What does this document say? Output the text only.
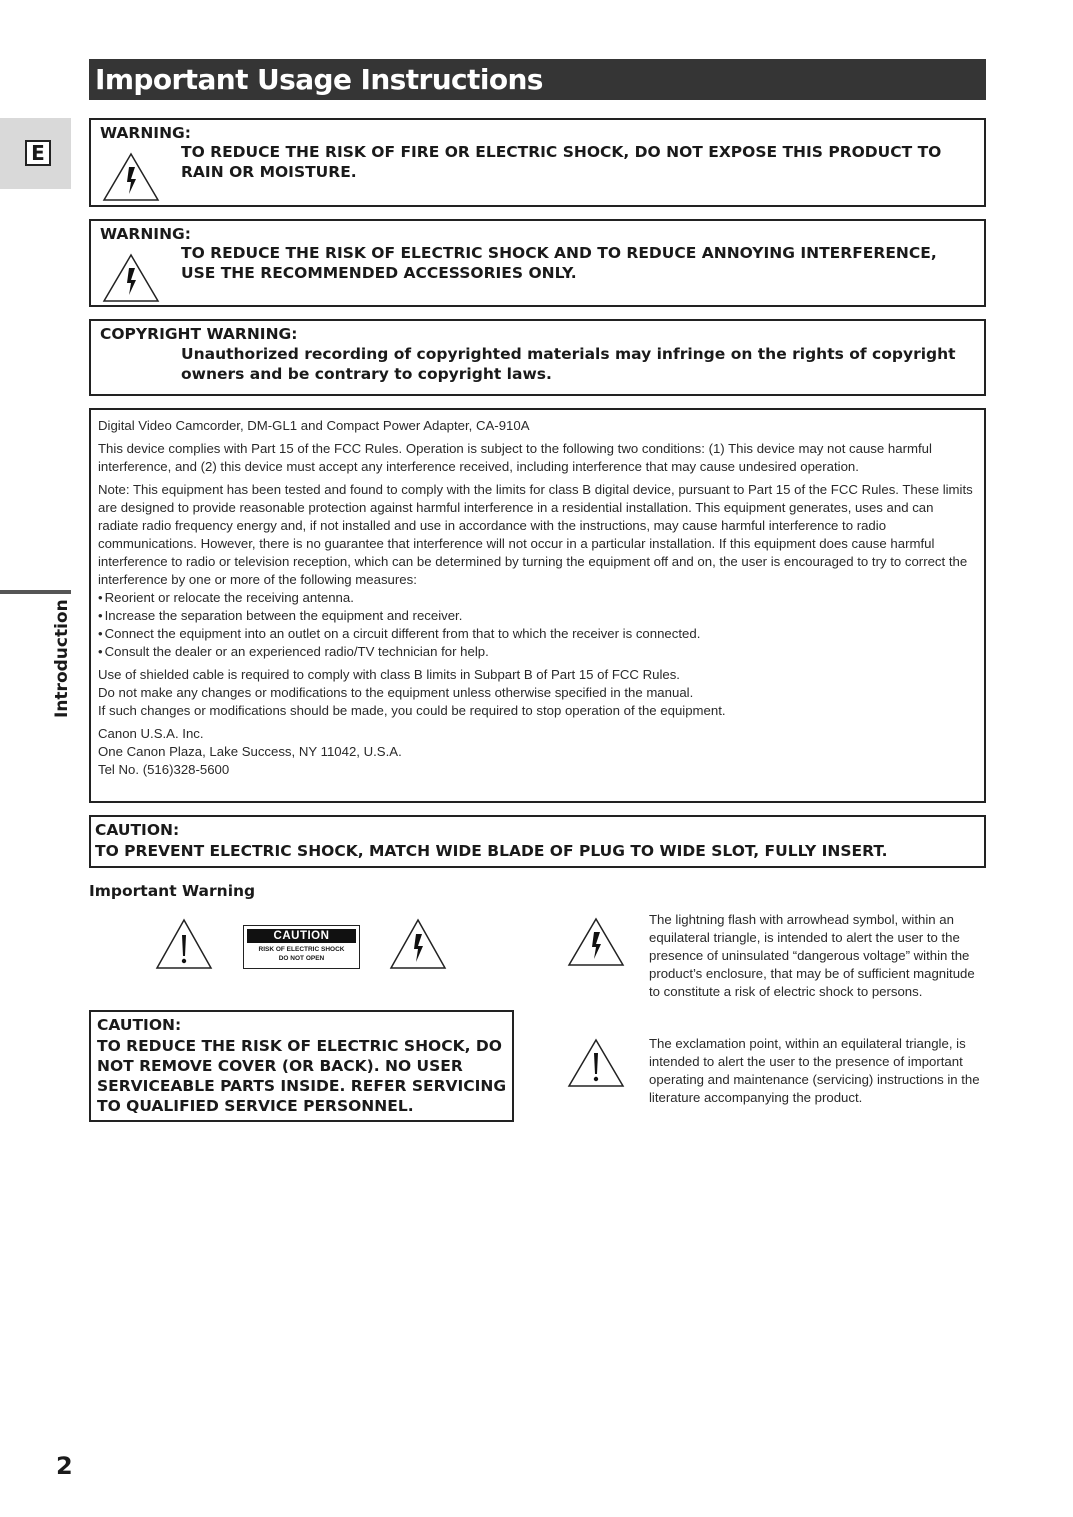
Important Usage Instructions
E
Introduction
WARNING:
TO REDUCE THE RISK OF FIRE OR ELECTRIC SHOCK, DO NOT EXPOSE THIS PRODUCT TO RAIN OR MOISTURE.
WARNING:
TO REDUCE THE RISK OF ELECTRIC SHOCK AND TO REDUCE ANNOYING INTERFERENCE, USE THE RECOMMENDED ACCESSORIES ONLY.
COPYRIGHT WARNING:
Unauthorized recording of copyrighted materials may infringe on the rights of copyright owners and be contrary to copyright laws.

Digital Video Camcorder, DM-GL1 and Compact Power Adapter, CA-910A

This device complies with Part 15 of the FCC Rules. Operation is subject to the following two conditions: (1) This device may not cause harmful interference, and (2) this device must accept any interference received, including interference that may cause undesired operation.

Note: This equipment has been tested and found to comply with the limits for class B digital device, pursuant to Part 15 of the FCC Rules. These limits are designed to provide reasonable protection against harmful interference in a residential installation. This equipment generates, uses and can radiate radio frequency energy and, if not installed and use in accordance with the instructions, may cause harmful interference to radio communications. However, there is no guarantee that interference will not occur in a particular installation. If this equipment does cause harmful interference to radio or television reception, which can be determined by turning the equipment off and on, the user is encouraged to try to correct the interference by one or more of the following measures:

• Reorient or relocate the receiving antenna.
• Increase the separation between the equipment and receiver.
• Connect the equipment into an outlet on a circuit different from that to which the receiver is connected.
• Consult the dealer or an experienced radio/TV technician for help.

Use of shielded cable is required to comply with class B limits in Subpart B of Part 15 of FCC Rules.

Do not make any changes or modifications to the equipment unless otherwise specified in the manual.

If such changes or modifications should be made, you could be required to stop operation of the equipment.

Canon U.S.A. Inc.

One Canon Plaza, Lake Success, NY 11042, U.S.A.

Tel No. (516)328-5600

CAUTION:
TO PREVENT ELECTRIC SHOCK, MATCH WIDE BLADE OF PLUG TO WIDE SLOT, FULLY INSERT.
Important Warning
CAUTION
RISK OF ELECTRIC SHOCK
DO NOT OPEN
CAUTION:
TO REDUCE THE RISK OF ELECTRIC SHOCK, DO NOT REMOVE COVER (OR BACK). NO USER SERVICEABLE PARTS INSIDE. REFER SERVICING TO QUALIFIED SERVICE PERSONNEL.
The lightning flash with arrowhead symbol, within an equilateral triangle, is intended to alert the user to the presence of uninsulated “dangerous voltage” within the product’s enclosure, that may be of sufficient magnitude to constitute a risk of electric shock to persons.
The exclamation point, within an equilateral triangle, is intended to alert the user to the presence of important operating and maintenance (servicing) instructions in the literature accompanying the product.
2
